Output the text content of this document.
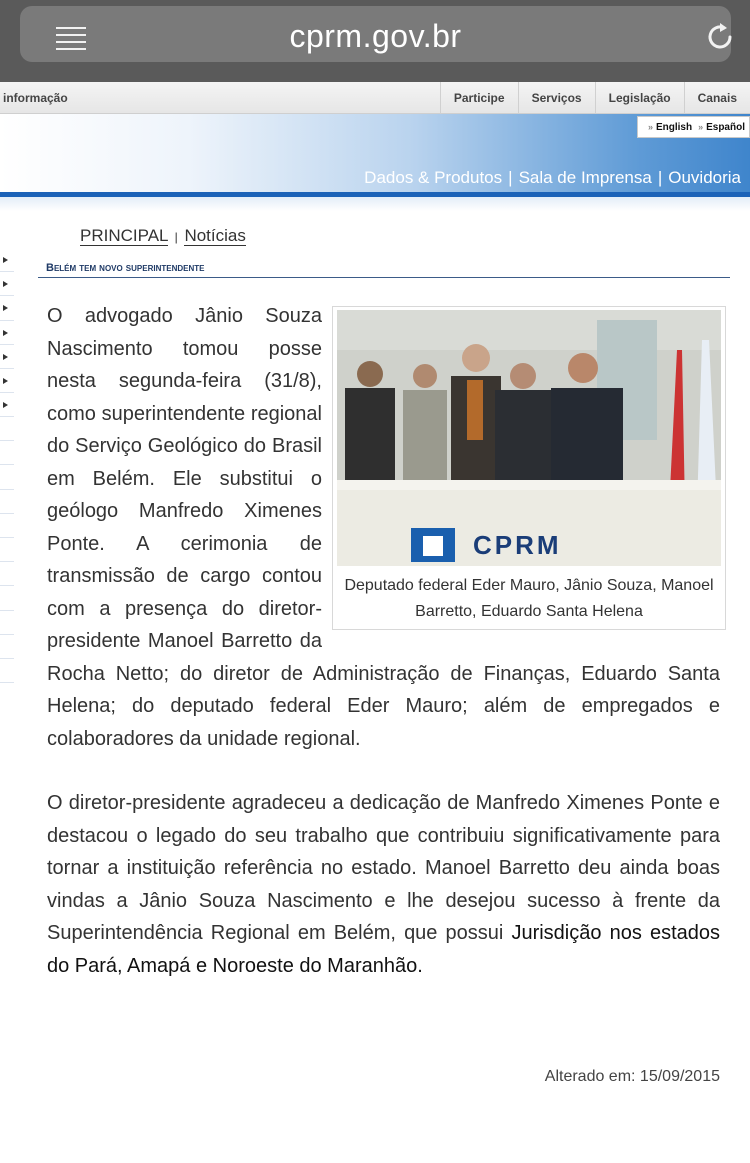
cprm.gov.br
informação	Participe	Serviços	Legislação	Canais
» English » Español
Dados & Produtos | Sala de Imprensa | Ouvidoria
PRINCIPAL | Notícias
Belém tem novo superintendente
CPRM
Deputado federal Eder Mauro, Jânio Souza, Manoel Barretto, Eduardo Santa Helena

O advogado Jânio Souza Nascimento tomou posse nesta segunda-feira (31/8), como superintendente regional do Serviço Geológico do Brasil em Belém. Ele substitui o geólogo Manfredo Ximenes Ponte. A cerimonia de transmissão de cargo contou com a presença do diretor-presidente Manoel Barretto da Rocha Netto; do diretor de Administração de Finanças, Eduardo Santa Helena; do deputado federal Eder Mauro; além de empregados e colaboradores da unidade regional.

O diretor-presidente agradeceu a dedicação de Manfredo Ximenes Ponte e destacou o legado do seu trabalho que contribuiu significativamente para tornar a instituição referência no estado. Manoel Barretto deu ainda boas vindas a Jânio Souza Nascimento e lhe desejou sucesso à frente da Superintendência Regional em Belém, que possui Jurisdição nos estados do Pará, Amapá e Noroeste do Maranhão.

Alterado em: 15/09/2015
